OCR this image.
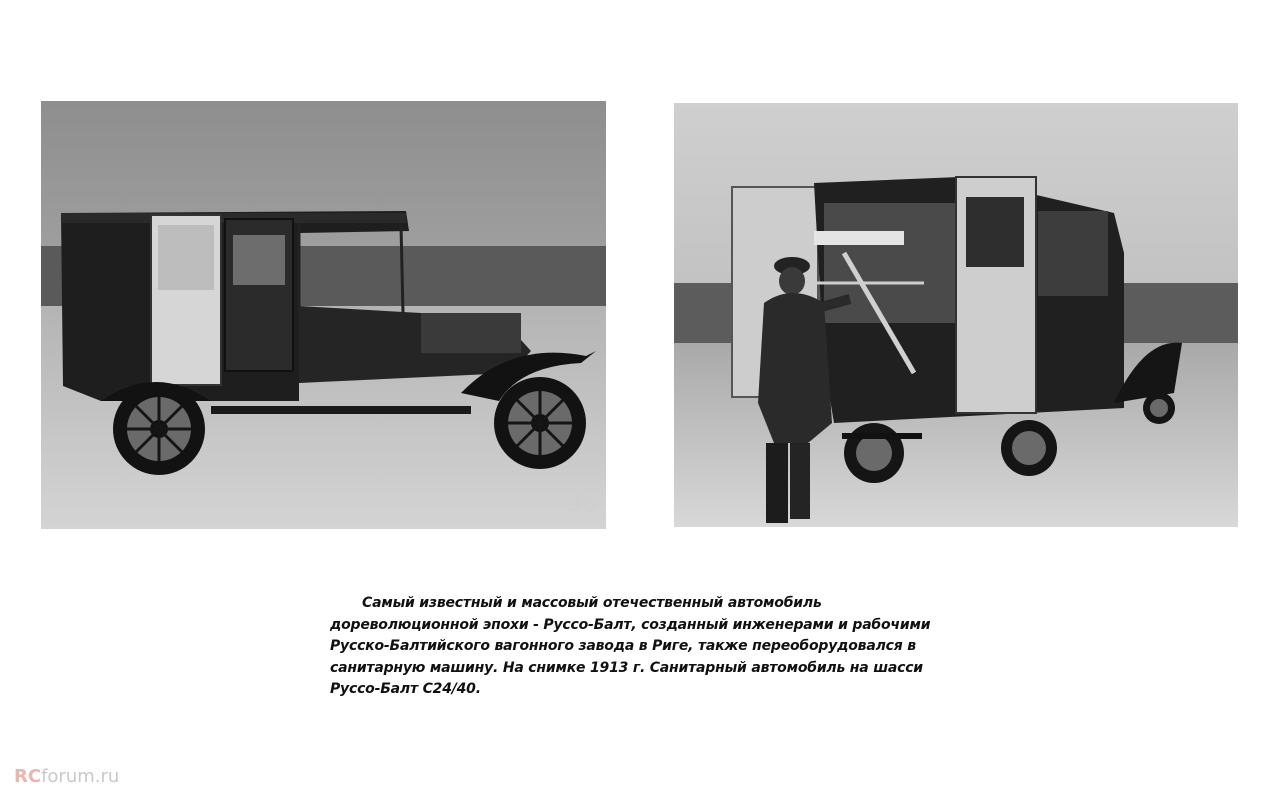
36	2206
Самый известный и массовый отечественный автомобиль
дореволюционной эпохи - Руссо-Балт, созданный инженерами и рабочими
Русско-Балтийского вагонного завода в Риге, также переоборудовался в
санитарную машину. На снимке 1913 г. Санитарный автомобиль на шасси
Руссо-Балт С24/40.
RCforum.ru
